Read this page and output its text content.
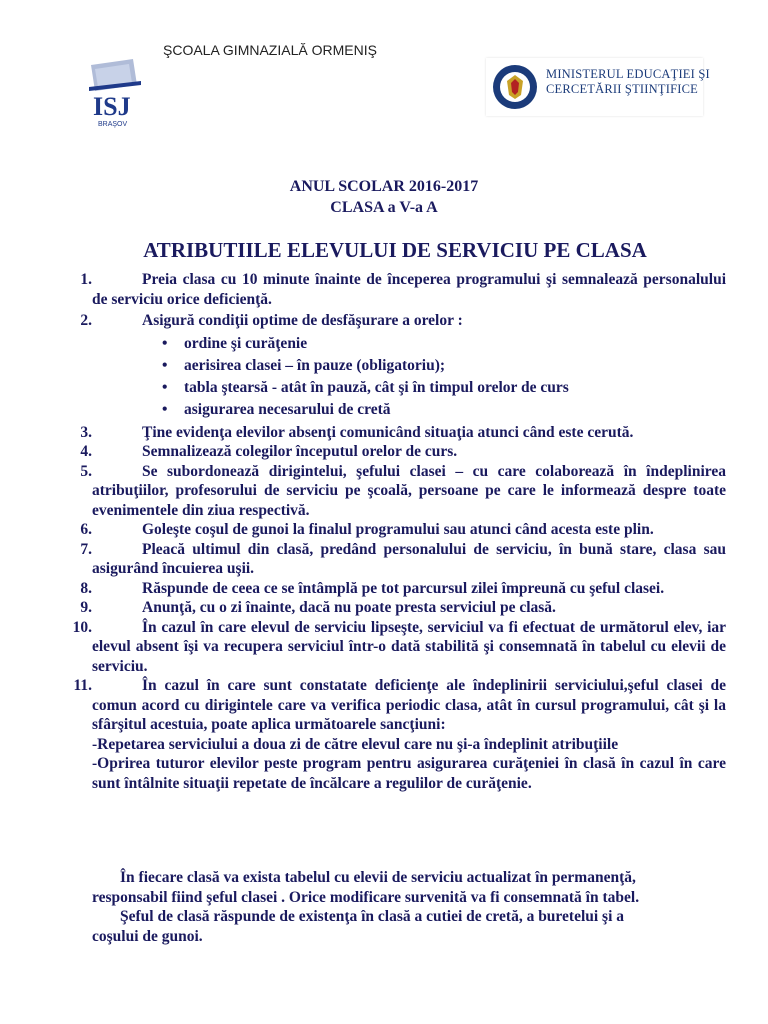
ŞCOALA GIMNAZIALĂ ORMENIŞ

ISJ
BRAŞOV
MINISTERUL EDUCAŢIEI ŞI
CERCETĂRII ŞTIINŢIFICE

ANUL SCOLAR 2016-2017

CLASA a V-a A

ATRIBUTIILE ELEVULUI DE SERVICIU PE CLASA
1.	Preia clasa cu 10 minute înainte de începerea programului şi semnalează personalului de serviciu orice deficienţă.
2.	Asigură condiţii optime de desfăşurare a orelor :
• ordine şi curăţenie
• aerisirea clasei – în pauze (obligatoriu);
• tabla ştearsă - atât în pauză, cât şi în timpul orelor de curs
• asigurarea necesarului de cretă
3.	Ţine evidenţa elevilor absenţi comunicând situaţia atunci când este cerută.
4.	Semnalizează colegilor începutul orelor de curs.
5.	Se subordonează dirigintelui, şefului clasei – cu care colaborează în îndeplinirea atribuţiilor, profesorului de serviciu pe şcoală, persoane pe care le informează despre toate evenimentele din ziua respectivă.
6.	Goleşte coşul de gunoi la finalul programului sau atunci când acesta este plin.
7.	Pleacă ultimul din clasă, predând personalului de serviciu, în bună stare, clasa sau asigurând încuierea uşii.
8.	Răspunde de ceea ce se întâmplă pe tot parcursul zilei împreună cu şeful clasei.
9.	Anunţă, cu o zi înainte, dacă nu poate presta serviciul pe clasă.
10.	În cazul în care elevul de serviciu lipseşte, serviciul va fi efectuat de următorul elev, iar elevul absent îşi va recupera serviciul într-o dată stabilită şi consemnată în tabelul cu elevii de serviciu.
11.	În cazul în care sunt constatate deficienţe ale îndeplinirii serviciului,şeful clasei de comun acord cu dirigintele care va verifica periodic clasa, atât în cursul programului, cât şi la sfârşitul acestuia, poate aplica următoarele sancţiuni:
-Repetarea serviciului a doua zi de către elevul care nu şi-a îndeplinit atribuţiile
-Oprirea tuturor elevilor peste program pentru asigurarea curăţeniei în clasă în cazul în care sunt întâlnite situaţii repetate de încălcare a regulilor de curăţenie.

În fiecare clasă va exista tabelul cu elevii de serviciu actualizat în permanenţă, responsabil fiind şeful clasei . Orice modificare survenită va fi consemnată în tabel.

Şeful de clasă răspunde de existenţa în clasă a cutiei de cretă, a buretelui şi a coşului de gunoi.
